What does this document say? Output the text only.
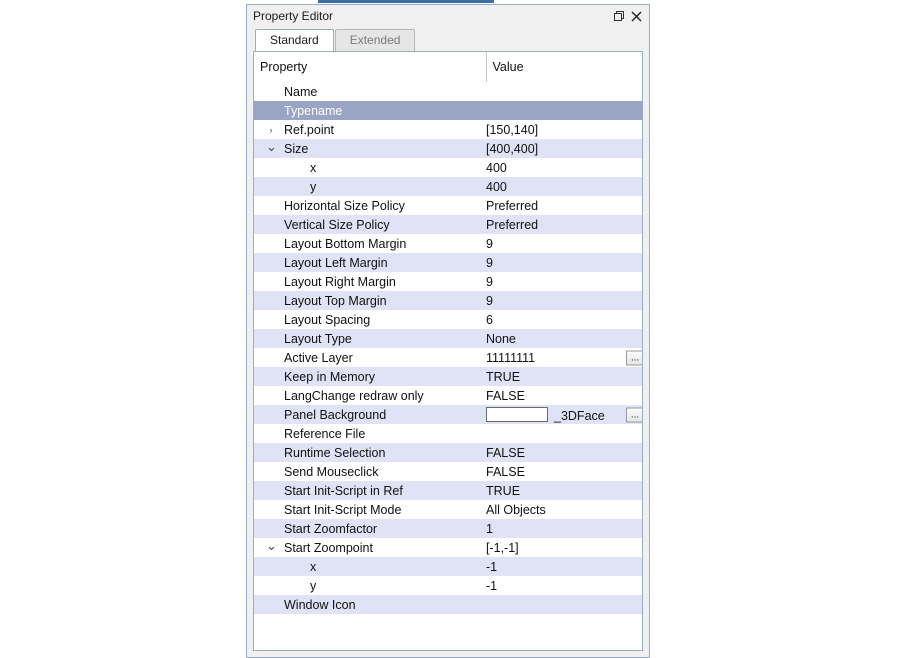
Property Editor
Standard	Extended
Property	Value
Name	
Typename	

› Ref.point	[150,140]

⌄ Size	[400,400]
x	400
y	400
Horizontal Size Policy	Preferred
Vertical Size Policy	Preferred
Layout Bottom Margin	9
Layout Left Margin	9
Layout Right Margin	9
Layout Top Margin	9
Layout Spacing	6
Layout Type	None
Active Layer	11111111 ...

Keep in Memory	TRUE
LangChange redraw only	FALSE
Panel Background	_3DFace ...

Reference File	
Runtime Selection	FALSE
Send Mouseclick	FALSE
Start Init-Script in Ref	TRUE
Start Init-Script Mode	All Objects
Start Zoomfactor	1

⌄ Start Zoompoint	[-1,-1]
x	-1
y	-1
Window Icon	
